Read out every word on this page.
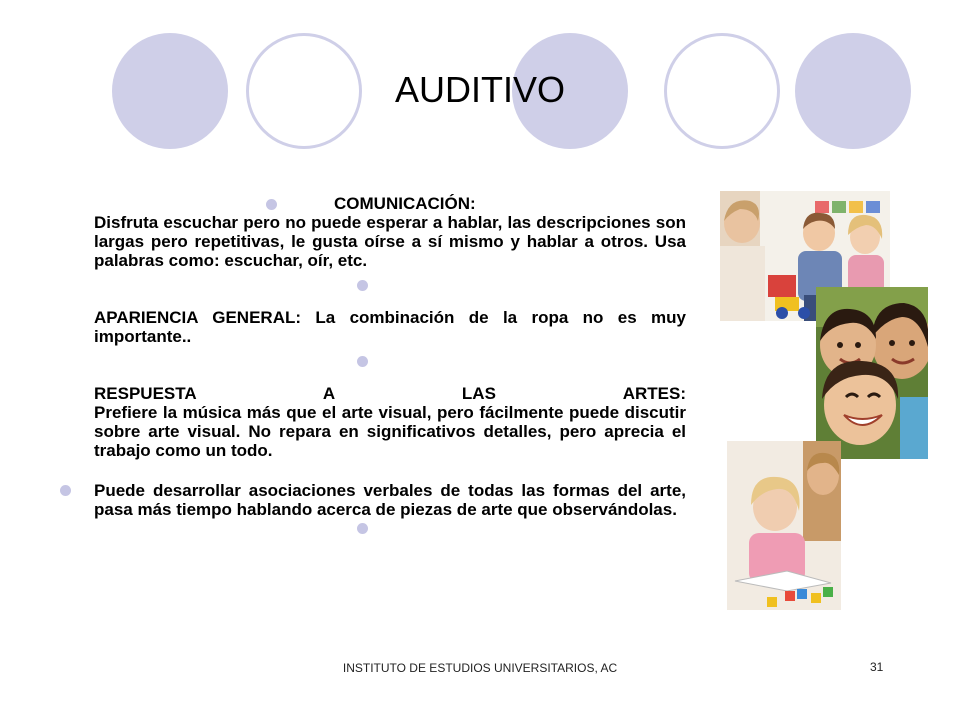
AUDITIVO
COMUNICACIÓN:
Disfruta escuchar pero no puede esperar a hablar, las descripciones son largas pero repetitivas, le gusta oírse a sí mismo y hablar a otros. Usa palabras como: escuchar, oír, etc.
APARIENCIA GENERAL: La combinación de la ropa no es muy importante..
RESPUESTA A LAS ARTES:
Prefiere la música más que el arte visual, pero fácilmente puede discutir sobre arte visual. No repara en significativos detalles, pero aprecia el trabajo como un todo.
Puede desarrollar asociaciones verbales de todas las formas del arte, pasa más tiempo hablando acerca de piezas de arte que observándolas.
INSTITUTO DE ESTUDIOS UNIVERSITARIOS, AC	31
